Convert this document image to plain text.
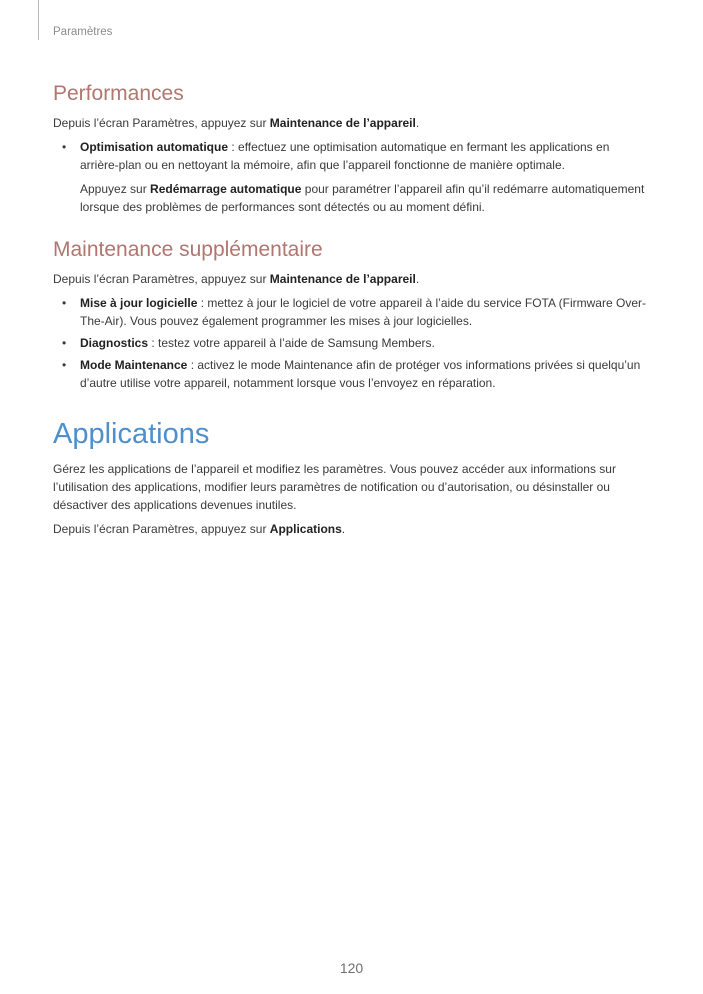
Paramètres
Performances

Depuis l’écran Paramètres, appuyez sur Maintenance de l’appareil.

• Optimisation automatique : effectuez une optimisation automatique en fermant les applications en arrière-plan ou en nettoyant la mémoire, afin que l’appareil fonctionne de manière optimale.

Appuyez sur Redémarrage automatique pour paramétrer l’appareil afin qu’il redémarre automatiquement lorsque des problèmes de performances sont détectés ou au moment défini.

Maintenance supplémentaire

Depuis l’écran Paramètres, appuyez sur Maintenance de l’appareil.

• Mise à jour logicielle : mettez à jour le logiciel de votre appareil à l’aide du service FOTA (Firmware Over-The-Air). Vous pouvez également programmer les mises à jour logicielles.
• Diagnostics : testez votre appareil à l’aide de Samsung Members.
• Mode Maintenance : activez le mode Maintenance afin de protéger vos informations privées si quelqu’un d’autre utilise votre appareil, notamment lorsque vous l’envoyez en réparation.
Applications

Gérez les applications de l’appareil et modifiez les paramètres. Vous pouvez accéder aux informations sur l’utilisation des applications, modifier leurs paramètres de notification ou d’autorisation, ou désinstaller ou désactiver des applications devenues inutiles.

Depuis l’écran Paramètres, appuyez sur Applications.

120
